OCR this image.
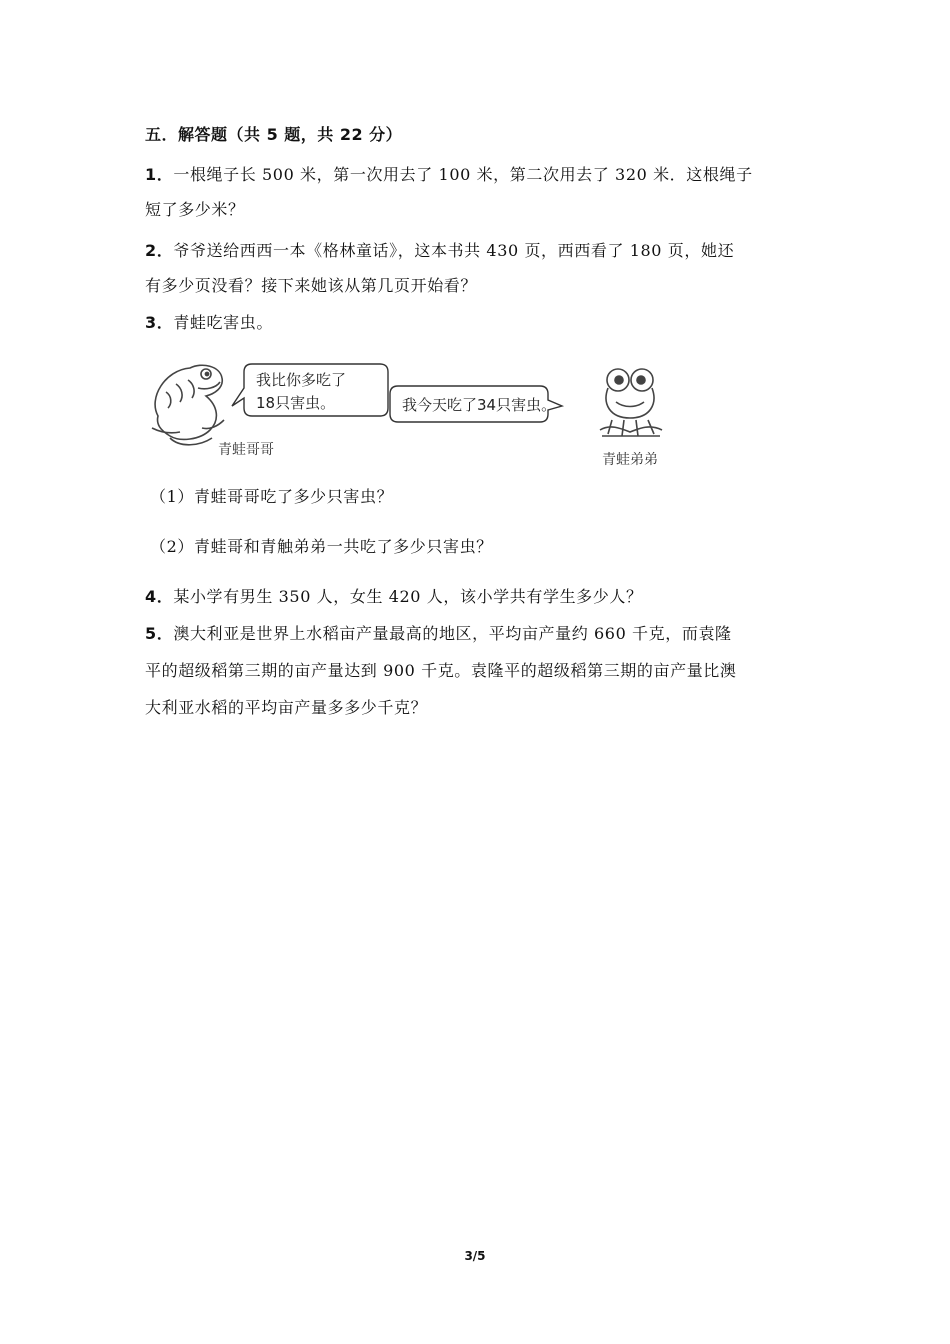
五．解答题（共 5 题，共 22 分）
1．一根绳子长 500 米，第一次用去了 100 米，第二次用去了 320 米．这根绳子
短了多少米？
2．爷爷送给西西一本《格林童话》，这本书共 430 页，西西看了 180 页，她还
有多少页没看？接下来她该从第几页开始看？
3．青蛙吃害虫。
我比你多吃了
18只害虫。	我今天吃了34只害虫。
青蛙哥哥
青蛙弟弟
（1）青蛙哥哥吃了多少只害虫？
（2）青蛙哥和青触弟弟一共吃了多少只害虫？
4．某小学有男生 350 人，女生 420 人，该小学共有学生多少人？
5．澳大利亚是世界上水稻亩产量最高的地区，平均亩产量约 660 千克，而袁隆
平的超级稻第三期的亩产量达到 900 千克。袁隆平的超级稻第三期的亩产量比澳
大利亚水稻的平均亩产量多多少千克？
3/5
